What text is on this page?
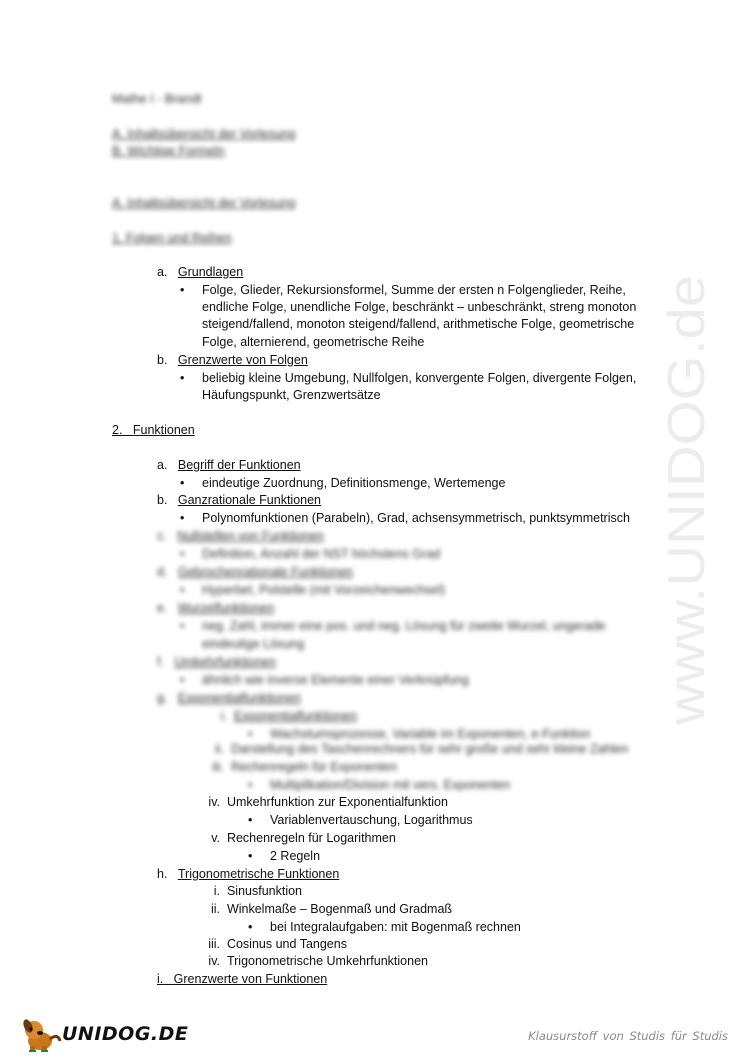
Mathe I - Brandt
A. Inhaltsübersicht der Vorlesung
B. Wichtige Formeln
A. Inhaltsübersicht der Vorlesung
1. Folgen und Reihen
a. Grundlagen
• Folge, Glieder, Rekursionsformel, Summe der ersten n Folgenglieder, Reihe,
endliche Folge, unendliche Folge, beschränkt – unbeschränkt, streng monoton
steigend/fallend, monoton steigend/fallend, arithmetische Folge, geometrische
Folge, alternierend, geometrische Reihe
b. Grenzwerte von Folgen
• beliebig kleine Umgebung, Nullfolgen, konvergente Folgen, divergente Folgen,
Häufungspunkt, Grenzwertsätze
2. Funktionen
a. Begriff der Funktionen
• eindeutige Zuordnung, Definitionsmenge, Wertemenge
b. Ganzrationale Funktionen
• Polynomfunktionen (Parabeln), Grad, achsensymmetrisch, punktsymmetrisch
c. Nullstellen von Funktionen
• Definition, Anzahl der NST höchstens Grad
d. Gebrochenrationale Funktionen
• Hyperbel, Polstelle (mit Vorzeichenwechsel)
e. Wurzelfunktionen
• neg. Zahl, immer eine pos. und neg. Lösung für zweite Wurzel, ungerade
eindeutige Lösung
f. Umkehrfunktionen
• ähnlich wie inverse Elemente einer Verknüpfung
g. Exponentialfunktionen
i. Exponentialfunktionen
• Wachstumsprozesse, Variable im Exponenten, e-Funktion
ii. Darstellung des Taschenrechners für sehr große und sehr kleine Zahlen
iii. Rechenregeln für Exponenten
• Multiplikation/Division mit vers. Exponenten
iv. Umkehrfunktion zur Exponentialfunktion
• Variablenvertauschung, Logarithmus
v. Rechenregeln für Logarithmen
• 2 Regeln
h. Trigonometrische Funktionen
i. Sinusfunktion
ii. Winkelmaße – Bogenmaß und Gradmaß
• bei Integralaufgaben: mit Bogenmaß rechnen
iii. Cosinus und Tangens
iv. Trigonometrische Umkehrfunktionen
i. Grenzwerte von Funktionen
www.UNIDOG.de
UNIDOG.DE	Klausurstoff von Studis für Studis
